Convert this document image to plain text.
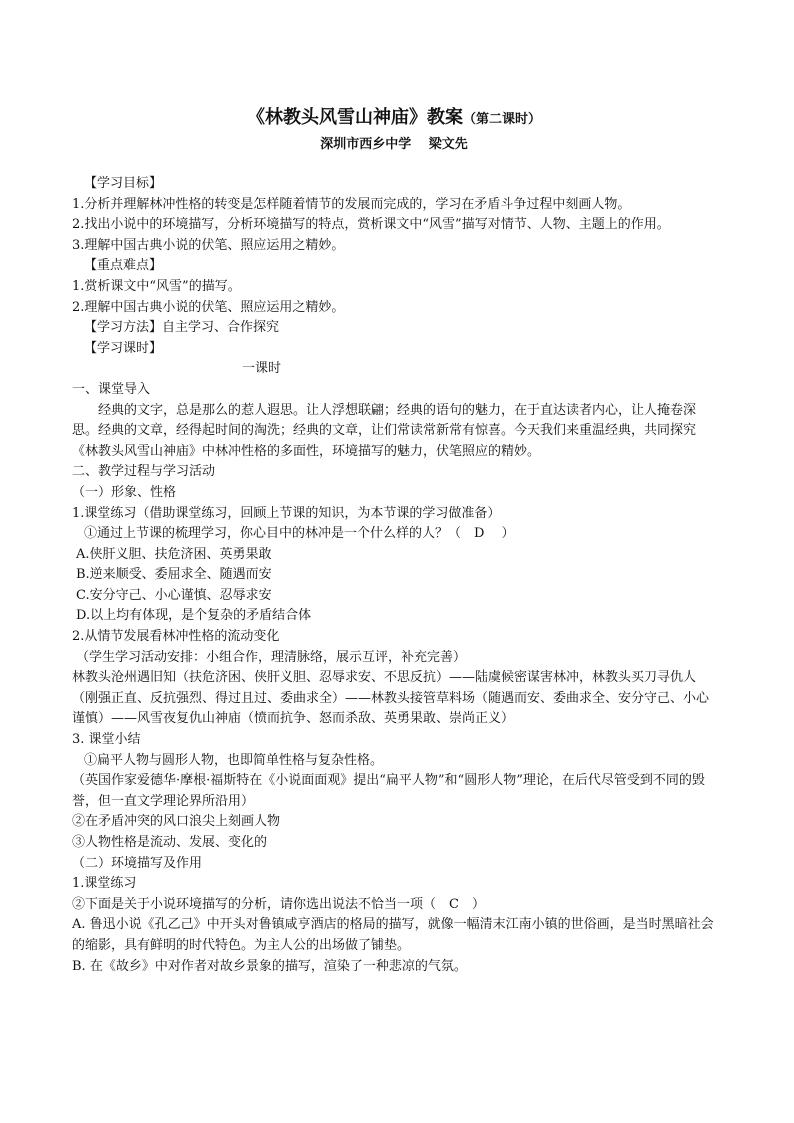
《林教头风雪山神庙》教案（第二课时）
深圳市西乡中学　 梁文先
【学习目标】
1.分析并理解林冲性格的转变是怎样随着情节的发展而完成的，学习在矛盾斗争过程中刻画人物。
2.找出小说中的环境描写，分析环境描写的特点，赏析课文中“风雪”描写对情节、人物、主题上的作用。
3.理解中国古典小说的伏笔、照应运用之精妙。
【重点难点】
1.赏析课文中“风雪”的描写。
2.理解中国古典小说的伏笔、照应运用之精妙。
【学习方法】自主学习、合作探究
【学习课时】
一课时
一、课堂导入
经典的文字，总是那么的惹人遐思。让人浮想联翩；经典的语句的魅力，在于直达读者内心，让人掩卷深思。经典的文章，经得起时间的淘洗；经典的文章，让们常读常新常有惊喜。今天我们来重温经典，共同探究《林教头风雪山神庙》中林冲性格的多面性，环境描写的魅力，伏笔照应的精妙。
二、教学过程与学习活动
（一）形象、性格
1.课堂练习（借助课堂练习，回顾上节课的知识，为本节课的学习做准备）
①通过上节课的梳理学习，你心目中的林冲是一个什么样的人？（　D　 ）
A.侠肝义胆、扶危济困、英勇果敢
B.逆来顺受、委屈求全、随遇而安
C.安分守己、小心谨慎、忍辱求安
D.以上均有体现，是个复杂的矛盾结合体
2.从情节发展看林冲性格的流动变化
（学生学习活动安排：小组合作，理清脉络，展示互评，补充完善）
林教头沧州遇旧知（扶危济困、侠肝义胆、忍辱求安、不思反抗）——陆虞候密谋害林冲，林教头买刀寻仇人（刚强正直、反抗强烈、得过且过、委曲求全）——林教头接管草料场（随遇而安、委曲求全、安分守己、小心谨慎）——风雪夜复仇山神庙（愤而抗争、怒而杀敌、英勇果敢、崇尚正义）
3. 课堂小结
①扁平人物与圆形人物，也即简单性格与复杂性格。
（英国作家爱德华·摩根·福斯特在《小说面面观》提出“扁平人物”和“圆形人物”理论，在后代尽管受到不同的毁誉，但一直文学理论界所沿用）
②在矛盾冲突的风口浪尖上刻画人物
③人物性格是流动、发展、变化的
（二）环境描写及作用
1.课堂练习
②下面是关于小说环境描写的分析，请你选出说法不恰当一项（　C　）
A. 鲁迅小说《孔乙己》中开头对鲁镇咸亨酒店的格局的描写，就像一幅清末江南小镇的世俗画，是当时黑暗社会的缩影，具有鲜明的时代特色。为主人公的出场做了铺垫。
B. 在《故乡》中对作者对故乡景象的描写，渲染了一种悲凉的气氛。
